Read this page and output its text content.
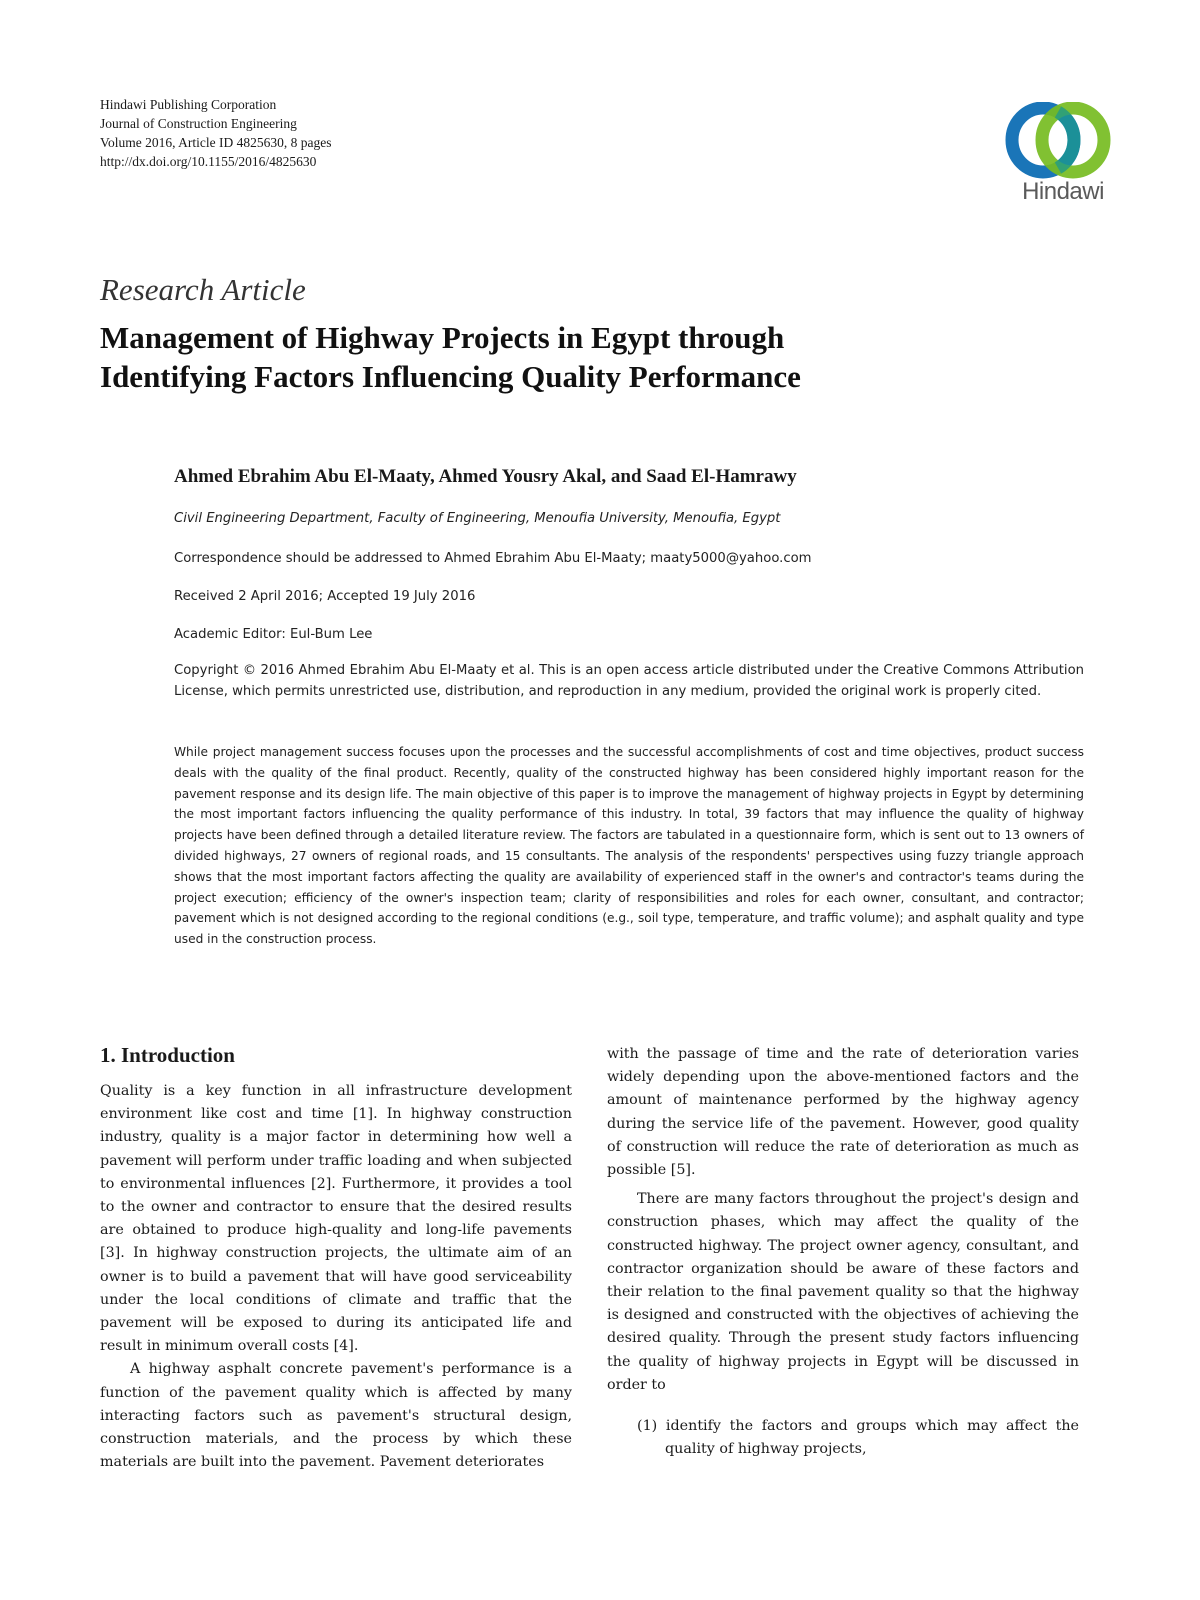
Hindawi Publishing Corporation
Journal of Construction Engineering
Volume 2016, Article ID 4825630, 8 pages
http://dx.doi.org/10.1155/2016/4825630
Hindawi
Research Article
Management of Highway Projects in Egypt through
Identifying Factors Influencing Quality Performance
Ahmed Ebrahim Abu El-Maaty, Ahmed Yousry Akal, and Saad El-Hamrawy
Civil Engineering Department, Faculty of Engineering, Menoufia University, Menoufia, Egypt
Correspondence should be addressed to Ahmed Ebrahim Abu El-Maaty; maaty5000@yahoo.com
Received 2 April 2016; Accepted 19 July 2016
Academic Editor: Eul-Bum Lee
Copyright © 2016 Ahmed Ebrahim Abu El-Maaty et al. This is an open access article distributed under the Creative Commons Attribution License, which permits unrestricted use, distribution, and reproduction in any medium, provided the original work is properly cited.

While project management success focuses upon the processes and the successful accomplishments of cost and time objectives, product success deals with the quality of the final product. Recently, quality of the constructed highway has been considered highly important reason for the pavement response and its design life. The main objective of this paper is to improve the management of highway projects in Egypt by determining the most important factors influencing the quality performance of this industry. In total, 39 factors that may influence the quality of highway projects have been defined through a detailed literature review. The factors are tabulated in a questionnaire form, which is sent out to 13 owners of divided highways, 27 owners of regional roads, and 15 consultants. The analysis of the respondents' perspectives using fuzzy triangle approach shows that the most important factors affecting the quality are availability of experienced staff in the owner's and contractor's teams during the project execution; efficiency of the owner's inspection team; clarity of responsibilities and roles for each owner, consultant, and contractor; pavement which is not designed according to the regional conditions (e.g., soil type, temperature, and traffic volume); and asphalt quality and type used in the construction process.

1. Introduction

Quality is a key function in all infrastructure development environment like cost and time [1]. In highway construction industry, quality is a major factor in determining how well a pavement will perform under traffic loading and when subjected to environmental influences [2]. Furthermore, it provides a tool to the owner and contractor to ensure that the desired results are obtained to produce high-quality and long-life pavements [3]. In highway construction projects, the ultimate aim of an owner is to build a pavement that will have good serviceability under the local conditions of climate and traffic that the pavement will be exposed to during its anticipated life and result in minimum overall costs [4].

A highway asphalt concrete pavement's performance is a function of the pavement quality which is affected by many interacting factors such as pavement's structural design, construction materials, and the process by which these materials are built into the pavement. Pavement deteriorates

with the passage of time and the rate of deterioration varies widely depending upon the above-mentioned factors and the amount of maintenance performed by the highway agency during the service life of the pavement. However, good quality of construction will reduce the rate of deterioration as much as possible [5].

There are many factors throughout the project's design and construction phases, which may affect the quality of the constructed highway. The project owner agency, consultant, and contractor organization should be aware of these factors and their relation to the final pavement quality so that the highway is designed and constructed with the objectives of achieving the desired quality. Through the present study factors influencing the quality of highway projects in Egypt will be discussed in order to

(1) identify the factors and groups which may affect the quality of highway projects,
